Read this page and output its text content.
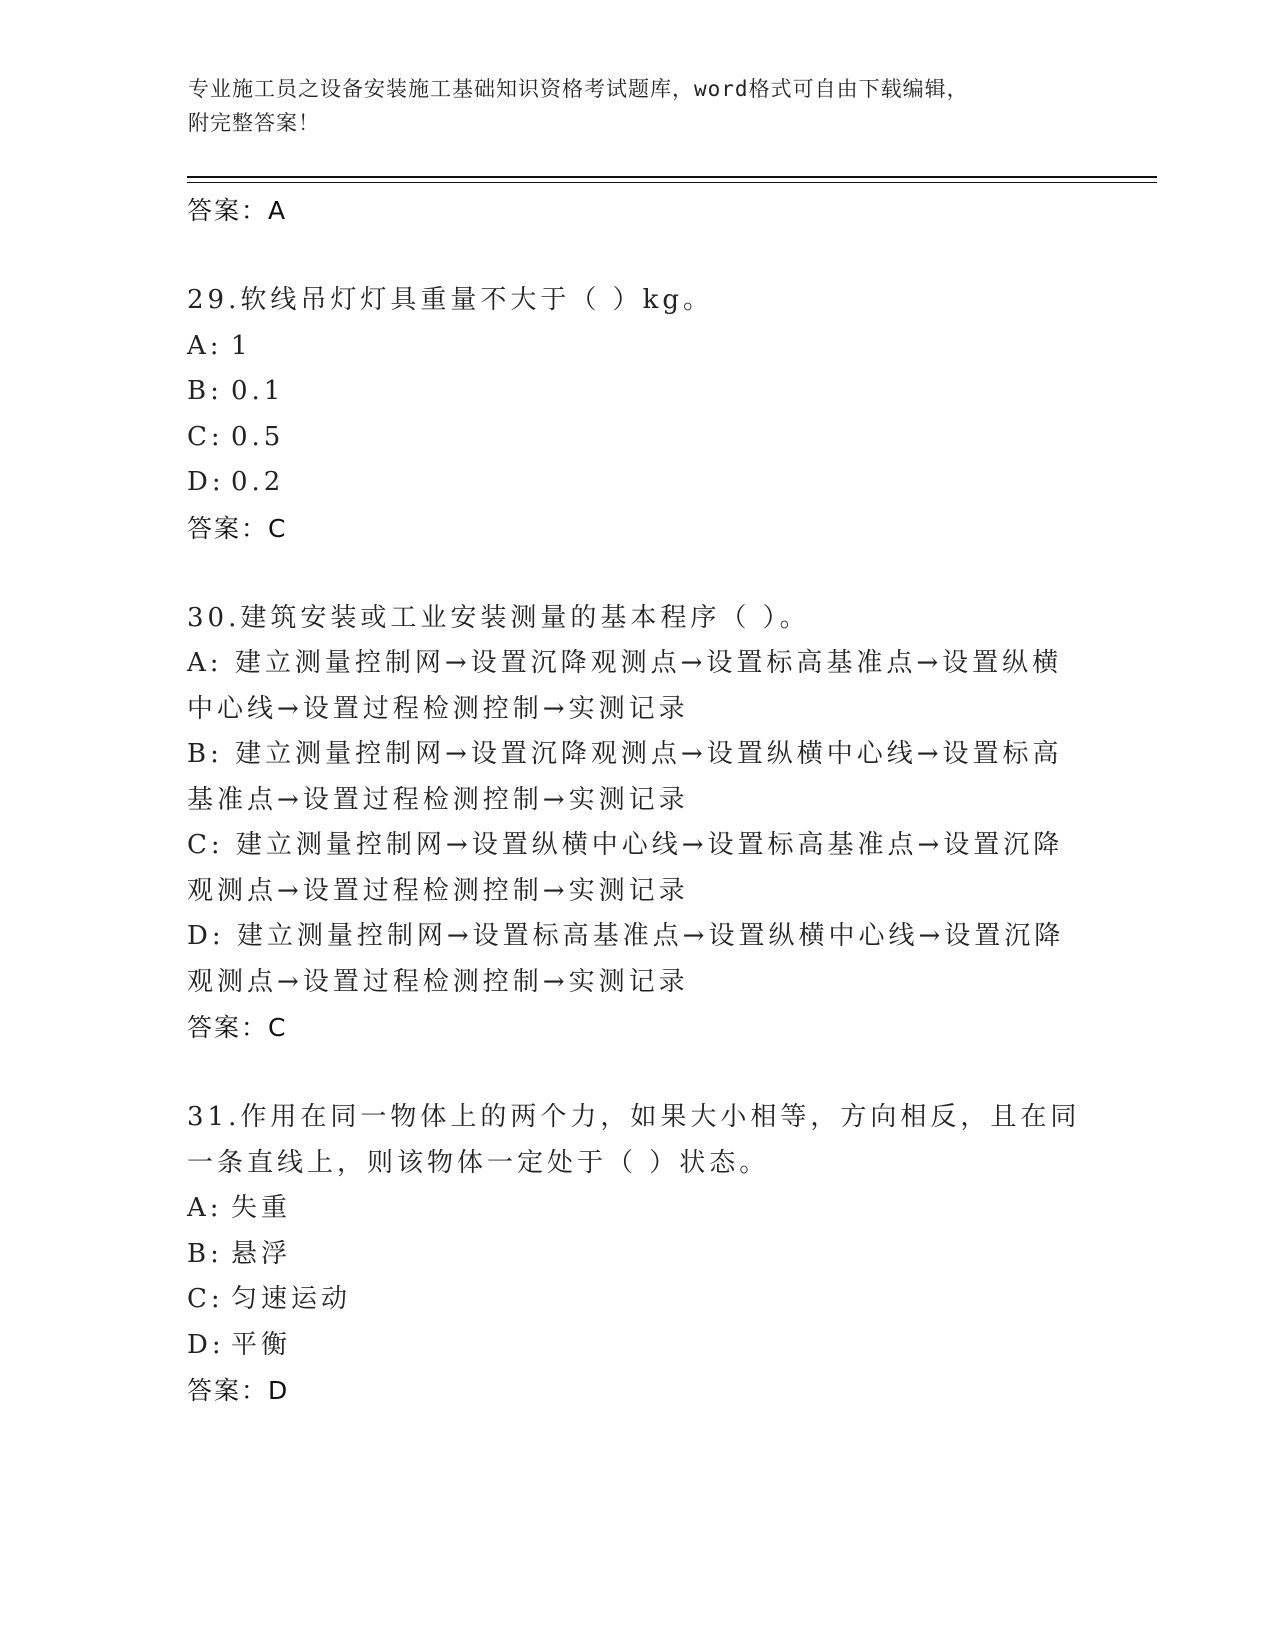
专业施工员之设备安装施工基础知识资格考试题库，word格式可自由下载编辑，
附完整答案！
答案：A
29.软线吊灯灯具重量不大于（ ）kg。
A: 1
B: 0.1
C: 0.5
D: 0.2
答案：C
30.建筑安装或工业安装测量的基本程序（ ）。
A: 建立测量控制网→设置沉降观测点→设置标高基准点→设置纵横中心线→设置过程检测控制→实测记录
B: 建立测量控制网→设置沉降观测点→设置纵横中心线→设置标高基准点→设置过程检测控制→实测记录
C: 建立测量控制网→设置纵横中心线→设置标高基准点→设置沉降观测点→设置过程检测控制→实测记录
D: 建立测量控制网→设置标高基准点→设置纵横中心线→设置沉降观测点→设置过程检测控制→实测记录
答案：C
31.作用在同一物体上的两个力，如果大小相等，方向相反，且在同一条直线上，则该物体一定处于（ ）状态。
A: 失重
B: 悬浮
C: 匀速运动
D: 平衡
答案：D
